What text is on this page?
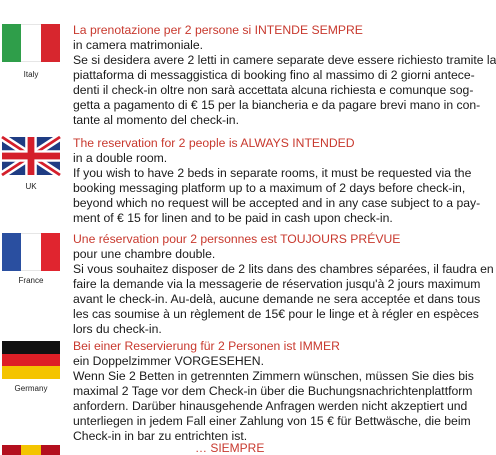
Italy

La prenotazione per 2 persone si INTENDE SEMPRE

in camera matrimoniale.
Se si desidera avere 2 letti in camere separate deve essere richiesto tramite la
piattaforma di messaggistica di booking fino al massimo di 2 giorni antece-
denti il check-in oltre non sarà accettata alcuna richiesta e comunque sog-
getta a pagamento di € 15 per la biancheria e da pagare brevi mano in con-
tante al momento del check-in.

UK

The reservation for 2 people is ALWAYS INTENDED

in a double room.
If you wish to have 2 beds in separate rooms, it must be requested via the
booking messaging platform up to a maximum of 2 days before check-in,
beyond which no request will be accepted and in any case subject to a pay-
ment of € 15 for linen and to be paid in cash upon check-in.

France

Une réservation pour 2 personnes est TOUJOURS PRÉVUE

pour une chambre double.
Si vous souhaitez disposer de 2 lits dans des chambres séparées, il faudra en
faire la demande via la messagerie de réservation jusqu'à 2 jours maximum
avant le check-in. Au-delà, aucune demande ne sera acceptée et dans tous
les cas soumise à un règlement de 15€ pour le linge et à régler en espèces
lors du check-in.

Germany

Bei einer Reservierung für 2 Personen ist IMMER

ein Doppelzimmer VORGESEHEN.
Wenn Sie 2 Betten in getrennten Zimmern wünschen, müssen Sie dies bis
maximal 2 Tage vor dem Check-in über die Buchungsnachrichtenplattform
anfordern. Darüber hinausgehende Anfragen werden nicht akzeptiert und
unterliegen in jedem Fall einer Zahlung von 15 € für Bettwäsche, die beim
Check-in in bar zu entrichten ist.

… SIEMPRE
